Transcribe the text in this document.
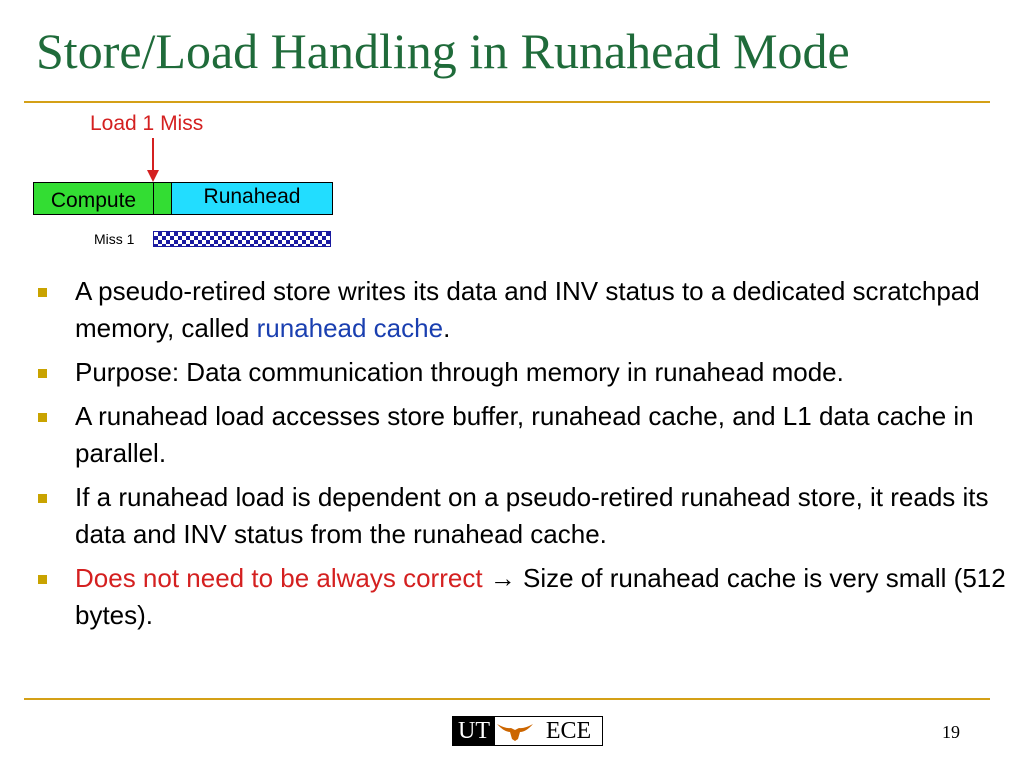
Store/Load Handling in Runahead Mode
Load 1 Miss
Compute	Runahead
Miss 1
A pseudo-retired store writes its data and INV status to a dedicated scratchpad memory, called runahead cache.
Purpose: Data communication through memory in runahead mode.
A runahead load accesses store buffer, runahead cache, and L1 data cache in parallel.
If a runahead load is dependent on a pseudo-retired runahead store, it reads its data and INV status from the runahead cache.
Does not need to be always correct → Size of runahead cache is very small (512 bytes).
UT	ECE	19
